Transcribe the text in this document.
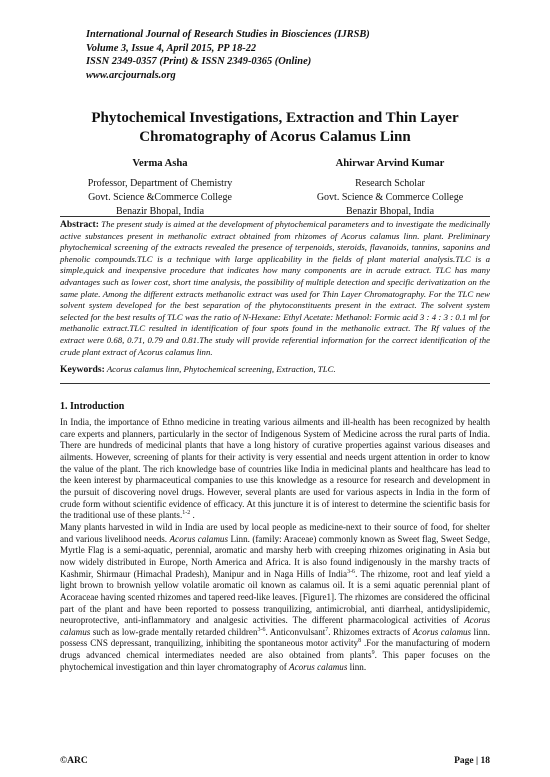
International Journal of Research Studies in Biosciences (IJRSB)
Volume 3, Issue 4, April 2015, PP 18-22
ISSN 2349-0357 (Print) & ISSN 2349-0365 (Online)
www.arcjournals.org
Phytochemical Investigations, Extraction and Thin Layer
Chromatography of Acorus Calamus Linn
Verma Asha
Professor, Department of Chemistry
Govt. Science &Commerce College
Benazir Bhopal, India
Ahirwar Arvind Kumar
Research Scholar
Govt. Science & Commerce College
Benazir Bhopal, India
Abstract: The present study is aimed at the development of phytochemical parameters and to investigate the medicinally active substances present in methanolic extract obtained from rhizomes of Acorus calamus linn. plant. Preliminary phytochemical screening of the extracts revealed the presence of terpenoids, steroids, flavanoids, tannins, saponins and phenolic compounds.TLC is a technique with large applicability in the fields of plant material analysis.TLC is a simple,quick and inexpensive procedure that indicates how many components are in acrude extract. TLC has many advantages such as lower cost, short time analysis, the possibility of multiple detection and specific derivatization on the same plate. Among the different extracts methanolic extract was used for Thin Layer Chromatography. For the TLC new solvent system developed for the best separation of the phytoconstituents present in the extract. The solvent system selected for the best results of TLC was the ratio of N-Hexane: Ethyl Acetate: Methanol: Formic acid 3 : 4 : 3 : 0.1 ml for methanolic extract.TLC resulted in identification of four spots found in the methanolic extract. The Rf values of the extract were 0.68, 0.71, 0.79 and 0.81.The study will provide referential information for the correct identification of the crude plant extract of Acorus calamus linn.
Keywords: Acorus calamus linn, Phytochemical screening, Extraction, TLC.
1. Introduction

In India, the importance of Ethno medicine in treating various ailments and ill-health has been recognized by health care experts and planners, particularly in the sector of Indigenous System of Medicine across the rural parts of India. There are hundreds of medicinal plants that have a long history of curative properties against various diseases and ailments. However, screening of plants for their activity is very essential and needs urgent attention in order to know the value of the plant. The rich knowledge base of countries like India in medicinal plants and healthcare has lead to the keen interest by pharmaceutical companies to use this knowledge as a resource for research and development in the pursuit of discovering novel drugs. However, several plants are used for various aspects in India in the form of crude form without scientific evidence of efficacy. At this juncture it is of interest to determine the scientific basis for the traditional use of these plants.$^{1-2}$ .

Many plants harvested in wild in India are used by local people as medicine-next to their source of food, for shelter and various livelihood needs. Acorus calamus Linn. (family: Araceae) commonly known as Sweet flag, Sweet Sedge, Myrtle Flag is a semi-aquatic, perennial, aromatic and marshy herb with creeping rhizomes originating in Asia but now widely distributed in Europe, North America and Africa. It is also found indigenously in the marshy tracts of Kashmir, Shirmaur (Himachal Pradesh), Manipur and in Naga Hills of India$^{3-6}$. The rhizome, root and leaf yield a light brown to brownish yellow volatile aromatic oil known as calamus oil. It is a semi aquatic perennial plant of Acoraceae having scented rhizomes and tapered reed-like leaves. [Figure1]. The rhizomes are considered the officinal part of the plant and have been reported to possess tranquilizing, antimicrobial, anti diarrheal, antidyslipidemic, neuroprotective, anti-inflammatory and analgesic activities. The different pharmacological activities of Acorus calamus such as low-grade mentally retarded children$^{3-6}$. Anticonvulsant$^7$. Rhizomes extracts of Acorus calamus linn. possess CNS depressant, tranquilizing, inhibiting the spontaneous motor activity$^8$ .For the manufacturing of modern drugs advanced chemical intermediates needed are also obtained from plants$^9$. This paper focuses on the phytochemical investigation and thin layer chromatography of Acorus calamus linn.

©ARC	Page | 18
